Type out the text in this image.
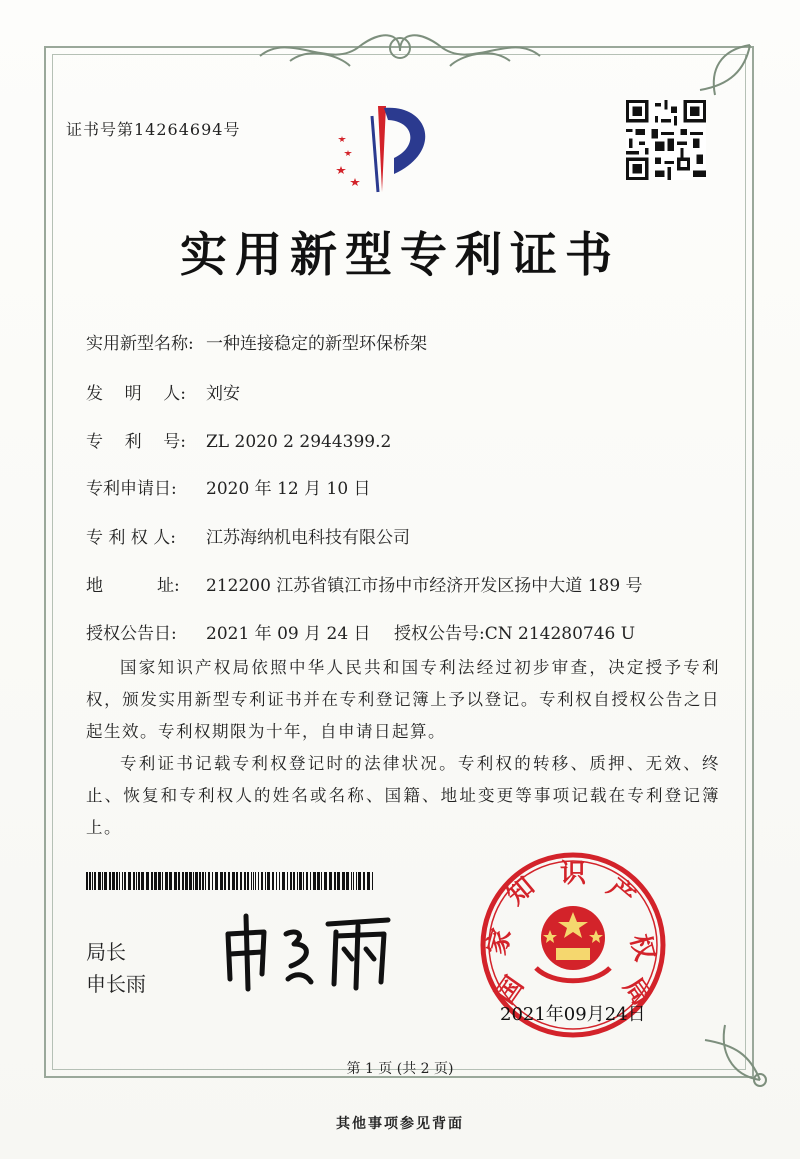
证书号第14264694号
实用新型专利证书
实用新型名称: 一种连接稳定的新型环保桥架
发    明    人: 刘安
专    利    号: ZL 2020 2 2944399.2
专利申请日: 2020 年 12 月 10 日
专 利 权 人: 江苏海纳机电科技有限公司
地          址: 212200 江苏省镇江市扬中市经济开发区扬中大道 189 号
授权公告日: 2021 年 09 月 24 日 授权公告号:CN 214280746 U
国家知识产权局依照中华人民共和国专利法经过初步审查，决定授予专利权，颁发实用新型专利证书并在专利登记簿上予以登记。专利权自授权公告之日起生效。专利权期限为十年，自申请日起算。
专利证书记载专利权登记时的法律状况。专利权的转移、质押、无效、终止、恢复和专利权人的姓名或名称、国籍、地址变更等事项记载在专利登记簿上。
局长
申长雨	国
家
知 识 产
权
局
2021年09月24日
第 1 页 (共 2 页)
其他事项参见背面
